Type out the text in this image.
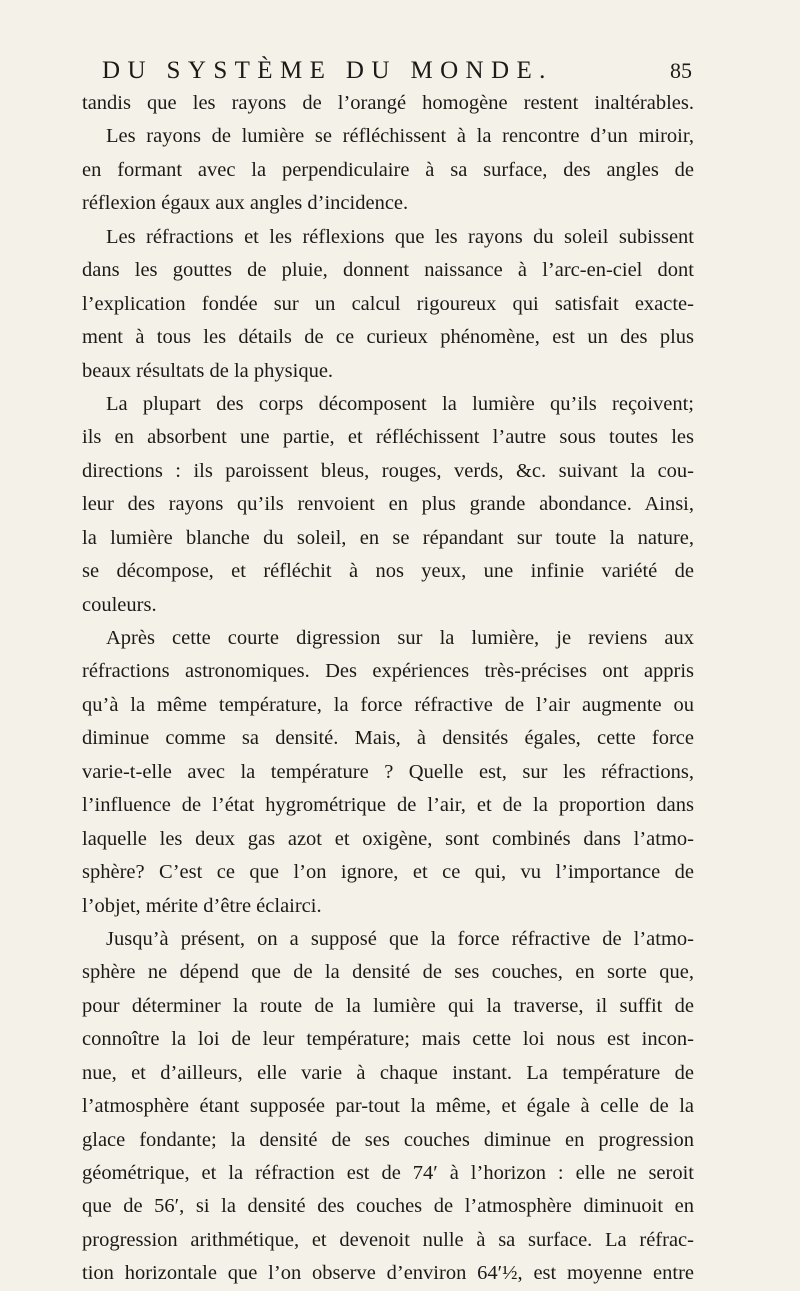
DU SYSTÈME DU MONDE.	85
tandis que les rayons de l’orangé homogène restent inaltérables.
Les rayons de lumière se réfléchissent à la rencontre d’un miroir,
en formant avec la perpendiculaire à sa surface, des angles de
réflexion égaux aux angles d’incidence.
Les réfractions et les réflexions que les rayons du soleil subissent
dans les gouttes de pluie, donnent naissance à l’arc-en-ciel dont
l’explication fondée sur un calcul rigoureux qui satisfait exacte-
ment à tous les détails de ce curieux phénomène, est un des plus
beaux résultats de la physique.
La plupart des corps décomposent la lumière qu’ils reçoivent;
ils en absorbent une partie, et réfléchissent l’autre sous toutes les
directions : ils paroissent bleus, rouges, verds, &c. suivant la cou-
leur des rayons qu’ils renvoient en plus grande abondance. Ainsi,
la lumière blanche du soleil, en se répandant sur toute la nature,
se décompose, et réfléchit à nos yeux, une infinie variété de
couleurs.
Après cette courte digression sur la lumière, je reviens aux
réfractions astronomiques. Des expériences très-précises ont appris
qu’à la même température, la force réfractive de l’air augmente ou
diminue comme sa densité. Mais, à densités égales, cette force
varie-t-elle avec la température ? Quelle est, sur les réfractions,
l’influence de l’état hygrométrique de l’air, et de la proportion dans
laquelle les deux gas azot et oxigène, sont combinés dans l’atmo-
sphère? C’est ce que l’on ignore, et ce qui, vu l’importance de
l’objet, mérite d’être éclairci.
Jusqu’à présent, on a supposé que la force réfractive de l’atmo-
sphère ne dépend que de la densité de ses couches, en sorte que,
pour déterminer la route de la lumière qui la traverse, il suffit de
connoître la loi de leur température; mais cette loi nous est incon-
nue, et d’ailleurs, elle varie à chaque instant. La température de
l’atmosphère étant supposée par-tout la même, et égale à celle de la
glace fondante; la densité de ses couches diminue en progression
géométrique, et la réfraction est de 74′ à l’horizon : elle ne seroit
que de 56′, si la densité des couches de l’atmosphère diminuoit en
progression arithmétique, et devenoit nulle à sa surface. La réfrac-
tion horizontale que l’on observe d’environ 64′½, est moyenne entre
